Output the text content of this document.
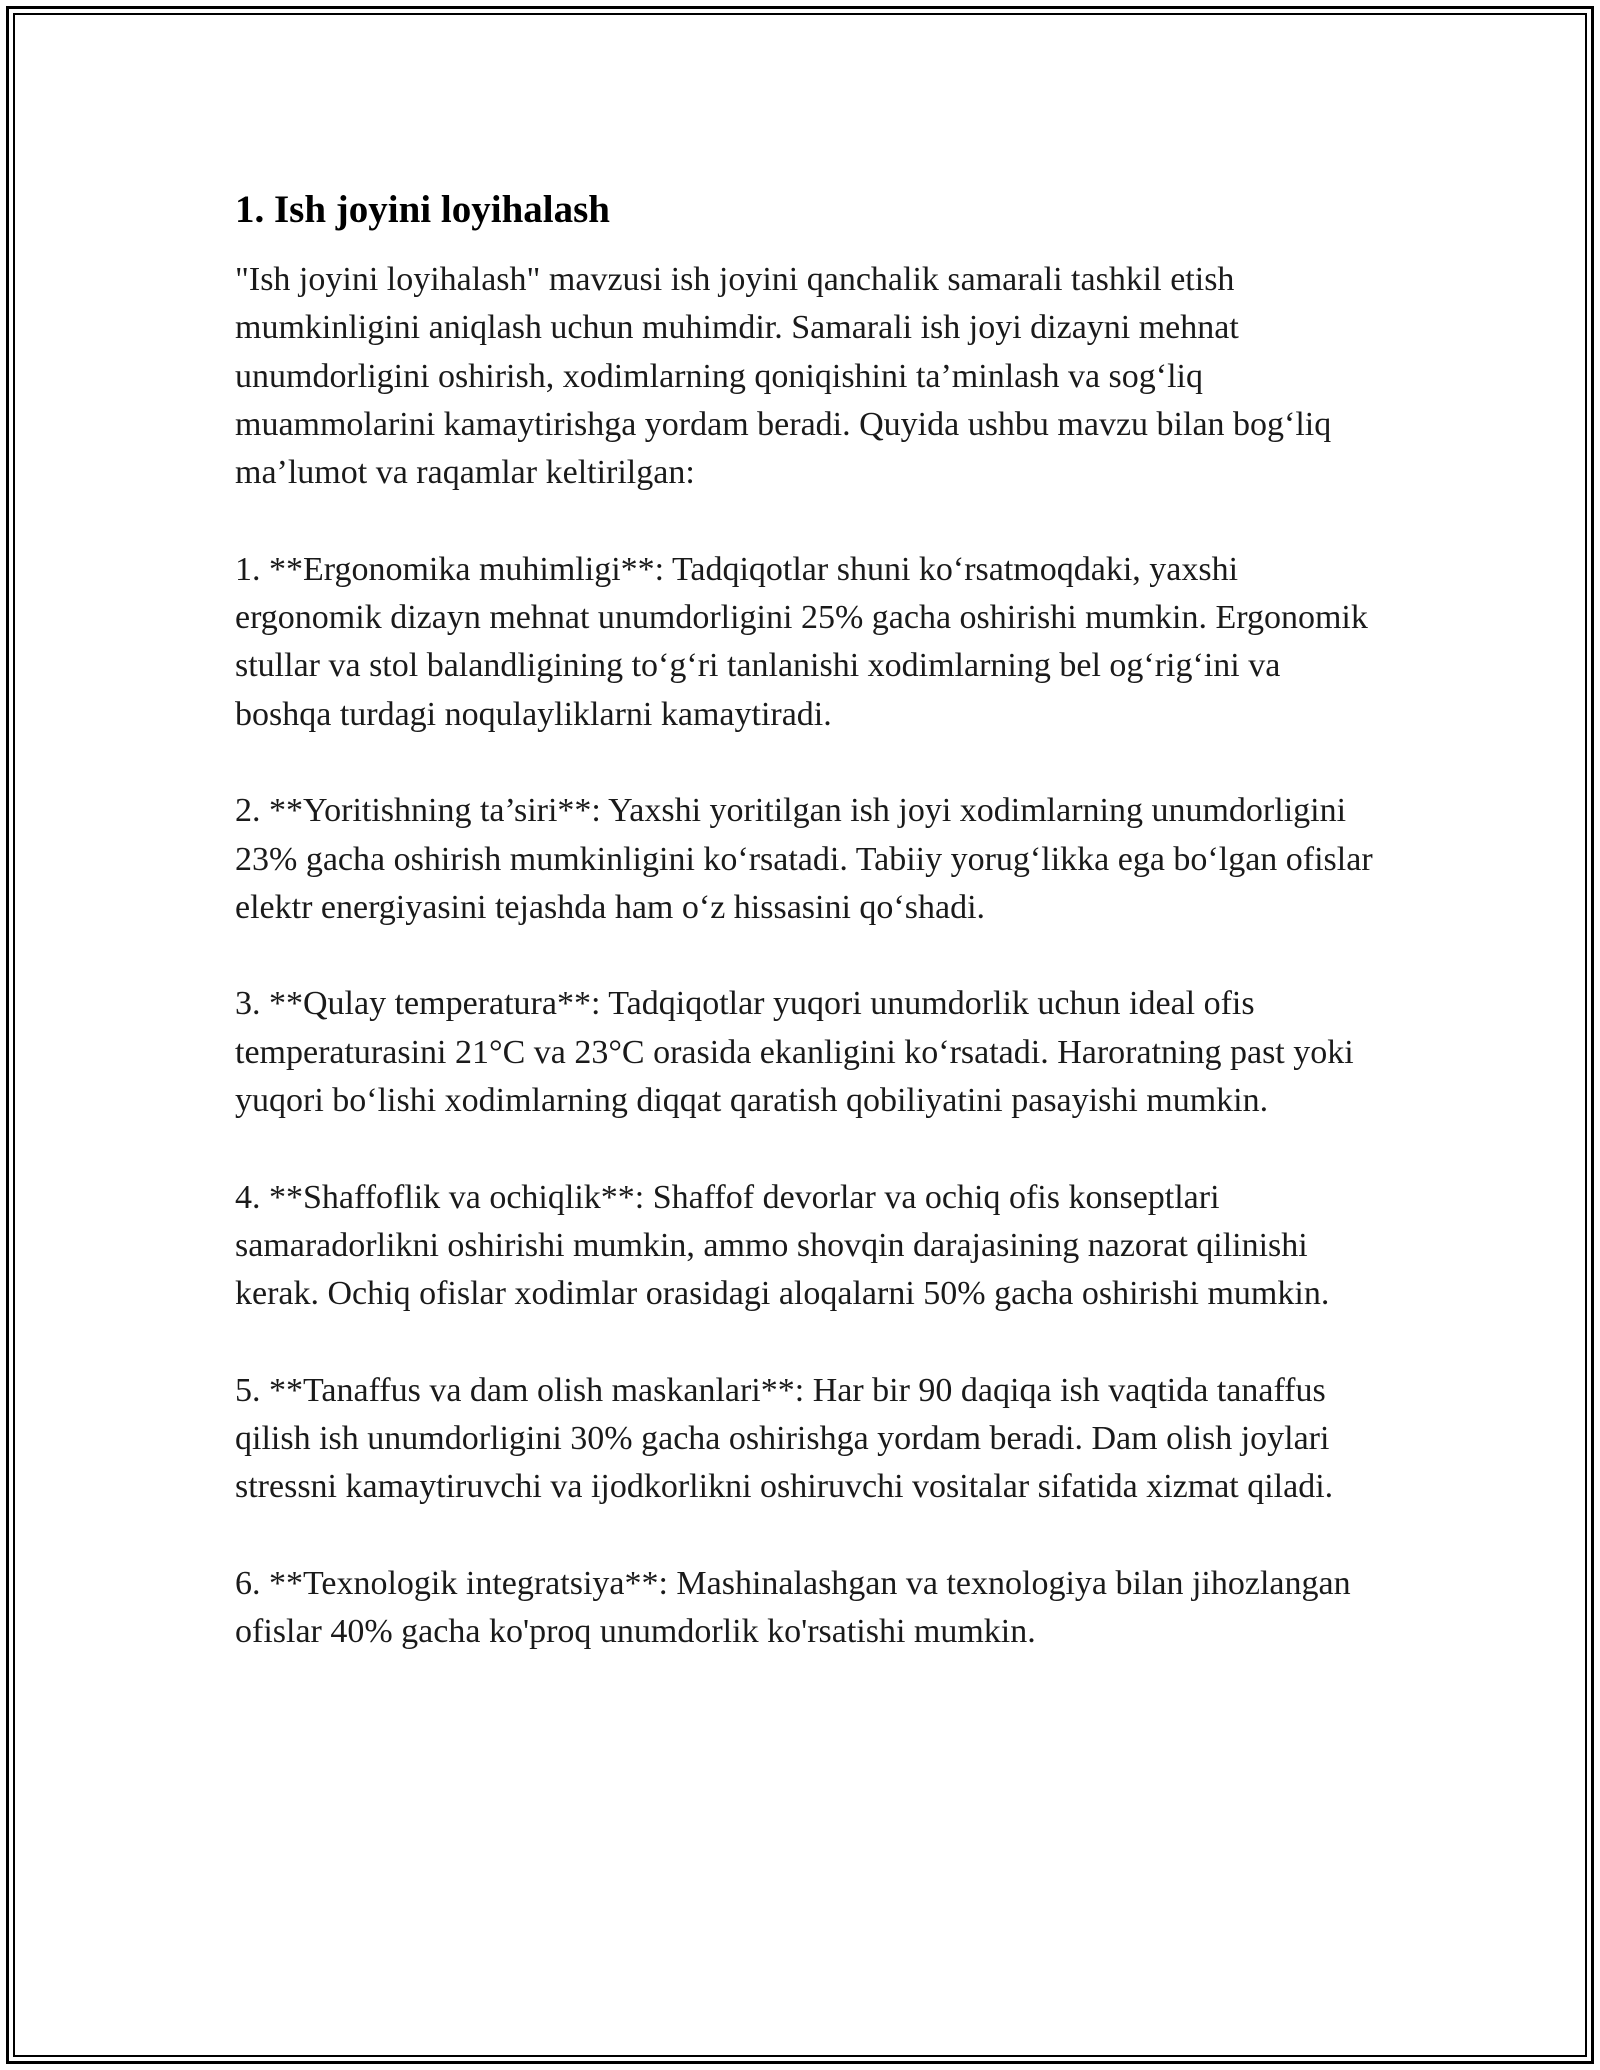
1. Ish joyini loyihalash

"Ish joyini loyihalash" mavzusi ish joyini qanchalik samarali tashkil etish mumkinligini aniqlash uchun muhimdir. Samarali ish joyi dizayni mehnat unumdorligini oshirish, xodimlarning qoniqishini ta’minlash va sog‘liq muammolarini kamaytirishga yordam beradi. Quyida ushbu mavzu bilan bog‘liq ma’lumot va raqamlar keltirilgan:

1. **Ergonomika muhimligi**: Tadqiqotlar shuni ko‘rsatmoqdaki, yaxshi ergonomik dizayn mehnat unumdorligini 25% gacha oshirishi mumkin. Ergonomik stullar va stol balandligining to‘g‘ri tanlanishi xodimlarning bel og‘rig‘ini va boshqa turdagi noqulayliklarni kamaytiradi.

2. **Yoritishning ta’siri**: Yaxshi yoritilgan ish joyi xodimlarning unumdorligini 23% gacha oshirish mumkinligini ko‘rsatadi. Tabiiy yorug‘likka ega bo‘lgan ofislar elektr energiyasini tejashda ham o‘z hissasini qo‘shadi.

3. **Qulay temperatura**: Tadqiqotlar yuqori unumdorlik uchun ideal ofis temperaturasini 21°C va 23°C orasida ekanligini ko‘rsatadi. Haroratning past yoki yuqori bo‘lishi xodimlarning diqqat qaratish qobiliyatini pasayishi mumkin.

4. **Shaffoflik va ochiqlik**: Shaffof devorlar va ochiq ofis konseptlari samaradorlikni oshirishi mumkin, ammo shovqin darajasining nazorat qilinishi kerak. Ochiq ofislar xodimlar orasidagi aloqalarni 50% gacha oshirishi mumkin.

5. **Tanaffus va dam olish maskanlari**: Har bir 90 daqiqa ish vaqtida tanaffus qilish ish unumdorligini 30% gacha oshirishga yordam beradi. Dam olish joylari stressni kamaytiruvchi va ijodkorlikni oshiruvchi vositalar sifatida xizmat qiladi.

6. **Texnologik integratsiya**: Mashinalashgan va texnologiya bilan jihozlangan ofislar 40% gacha ko'proq unumdorlik ko'rsatishi mumkin.
